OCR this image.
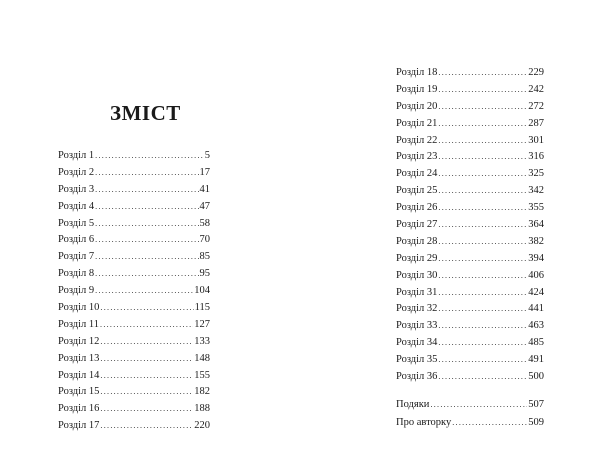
ЗМІСТ
Розділ 1 .....	5
Розділ 2 .....	17
Розділ 3 .....	41
Розділ 4 .....	47
Розділ 5 .....	58
Розділ 6 .....	70
Розділ 7 .....	85
Розділ 8 .....	95
Розділ 9 .....	104
Розділ 10 .....	115
Розділ 11 .....	127
Розділ 12 .....	133
Розділ 13 .....	148
Розділ 14 .....	155
Розділ 15 .....	182
Розділ 16 .....	188
Розділ 17 .....	220
Розділ 18 .....	229
Розділ 19 .....	242
Розділ 20 .....	272
Розділ 21 .....	287
Розділ 22 .....	301
Розділ 23 .....	316
Розділ 24 .....	325
Розділ 25 .....	342
Розділ 26 .....	355
Розділ 27 .....	364
Розділ 28 .....	382
Розділ 29 .....	394
Розділ 30 .....	406
Розділ 31 .....	424
Розділ 32 .....	441
Розділ 33 .....	463
Розділ 34 .....	485
Розділ 35 .....	491
Розділ 36 .....	500
Подяки .....	507
Про авторку .....	509
